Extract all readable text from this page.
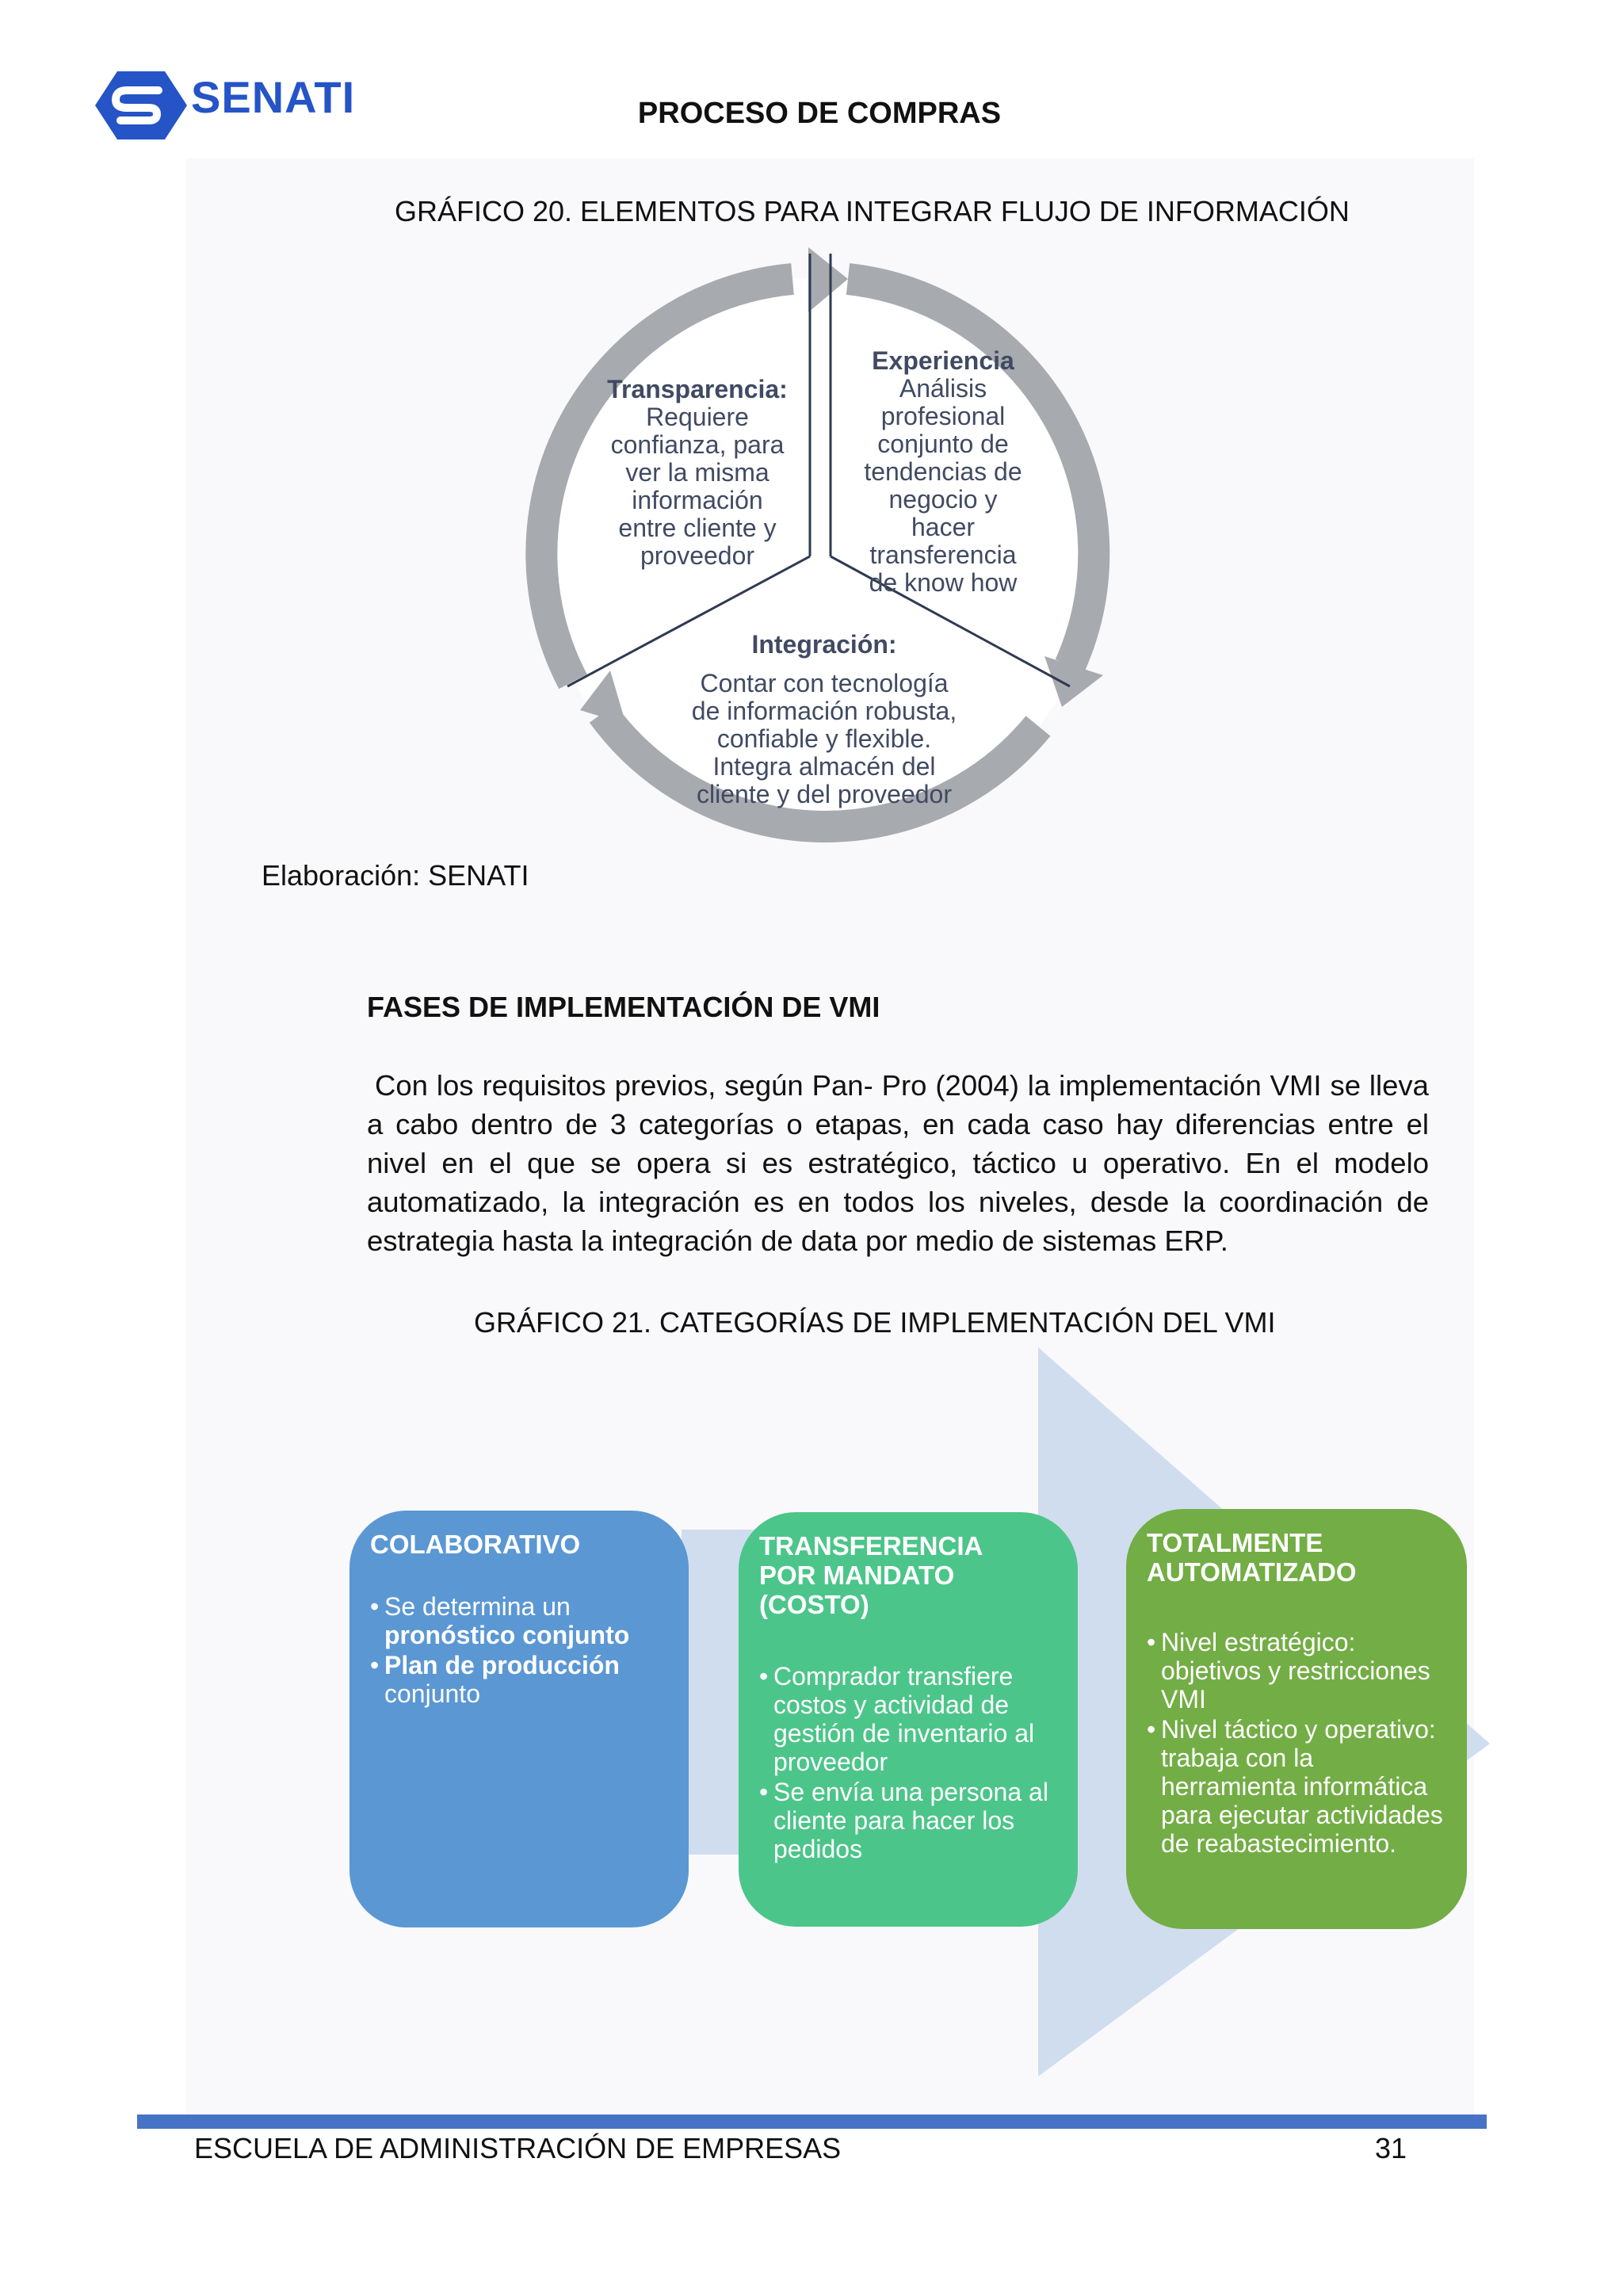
SENATI	PROCESO DE COMPRAS
GRÁFICO 20. ELEMENTOS PARA INTEGRAR FLUJO DE INFORMACIÓN
Transparencia:
Requiere
confianza, para
ver la misma
información
entre cliente y
proveedor
Experiencia
Análisis
profesional
conjunto de
tendencias de
negocio y
hacer
transferencia
de know how
Integración:
Contar con tecnología
de información robusta,
confiable y flexible.
Integra almacén del
cliente y del proveedor
Elaboración: SENATI
FASES DE IMPLEMENTACIÓN DE VMI
Con los requisitos previos, según Pan- Pro (2004) la implementación VMI se lleva a cabo dentro de 3 categorías o etapas, en cada caso hay diferencias entre el nivel en el que se opera si es estratégico, táctico u operativo. En el modelo automatizado, la integración es en todos los niveles, desde la coordinación de estrategia hasta la integración de data por medio de sistemas ERP.
GRÁFICO 21. CATEGORÍAS DE IMPLEMENTACIÓN DEL VMI
COLABORATIVO
• Se determina un pronóstico conjunto
• Plan de producción conjunto
TRANSFERENCIA POR MANDATO (COSTO)
• Comprador transfiere costos y actividad de gestión de inventario al proveedor
• Se envía una persona al cliente para hacer los pedidos
TOTALMENTE AUTOMATIZADO
• Nivel estratégico: objetivos y restricciones VMI
• Nivel táctico y operativo: trabaja con la herramienta informática para ejecutar actividades de reabastecimiento.
ESCUELA DE ADMINISTRACIÓN DE EMPRESAS	31
